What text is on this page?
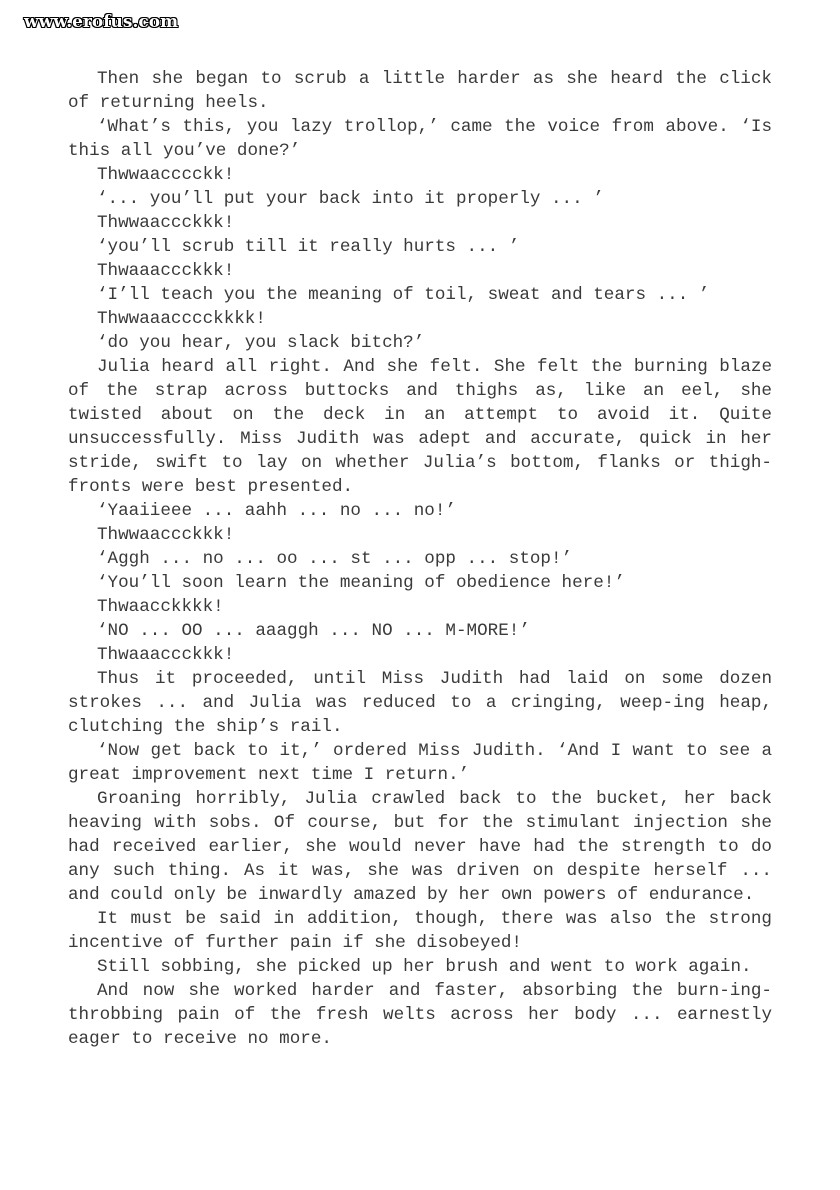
www.erofus.com

Then she began to scrub a little harder as she heard the click of returning heels.

‘What’s this, you lazy trollop,’ came the voice from above. ‘Is this all you’ve done?’

Thwwaacccckk!

‘... you’ll put your back into it properly ... ’

Thwwaaccckkk!

‘you’ll scrub till it really hurts ... ’

Thwaaaccckkk!

‘I’ll teach you the meaning of toil, sweat and tears ... ’

Thwwaaacccckkkk!

‘do you hear, you slack bitch?’

Julia heard all right. And she felt. She felt the burning blaze of the strap across buttocks and thighs as, like an eel, she twisted about on the deck in an attempt to avoid it. Quite unsuccessfully. Miss Judith was adept and accurate, quick in her stride, swift to lay on whether Julia’s bottom, flanks or thigh-fronts were best presented.

‘Yaaiieee ... aahh ... no ... no!’

Thwwaaccckkk!

‘Aggh ... no ... oo ... st ... opp ... stop!’

‘You’ll soon learn the meaning of obedience here!’

Thwaacckkkk!

‘NO ... OO ... aaaggh ... NO ... M-MORE!’

Thwaaaccckkk!

Thus it proceeded, until Miss Judith had laid on some dozen strokes ... and Julia was reduced to a cringing, weep-ing heap, clutching the ship’s rail.

‘Now get back to it,’ ordered Miss Judith. ‘And I want to see a great improvement next time I return.’

Groaning horribly, Julia crawled back to the bucket, her back heaving with sobs. Of course, but for the stimulant injection she had received earlier, she would never have had the strength to do any such thing. As it was, she was driven on despite herself ... and could only be inwardly amazed by her own powers of endurance.

It must be said in addition, though, there was also the strong incentive of further pain if she disobeyed!

Still sobbing, she picked up her brush and went to work again.

And now she worked harder and faster, absorbing the burn-ing-throbbing pain of the fresh welts across her body ... earnestly eager to receive no more.
